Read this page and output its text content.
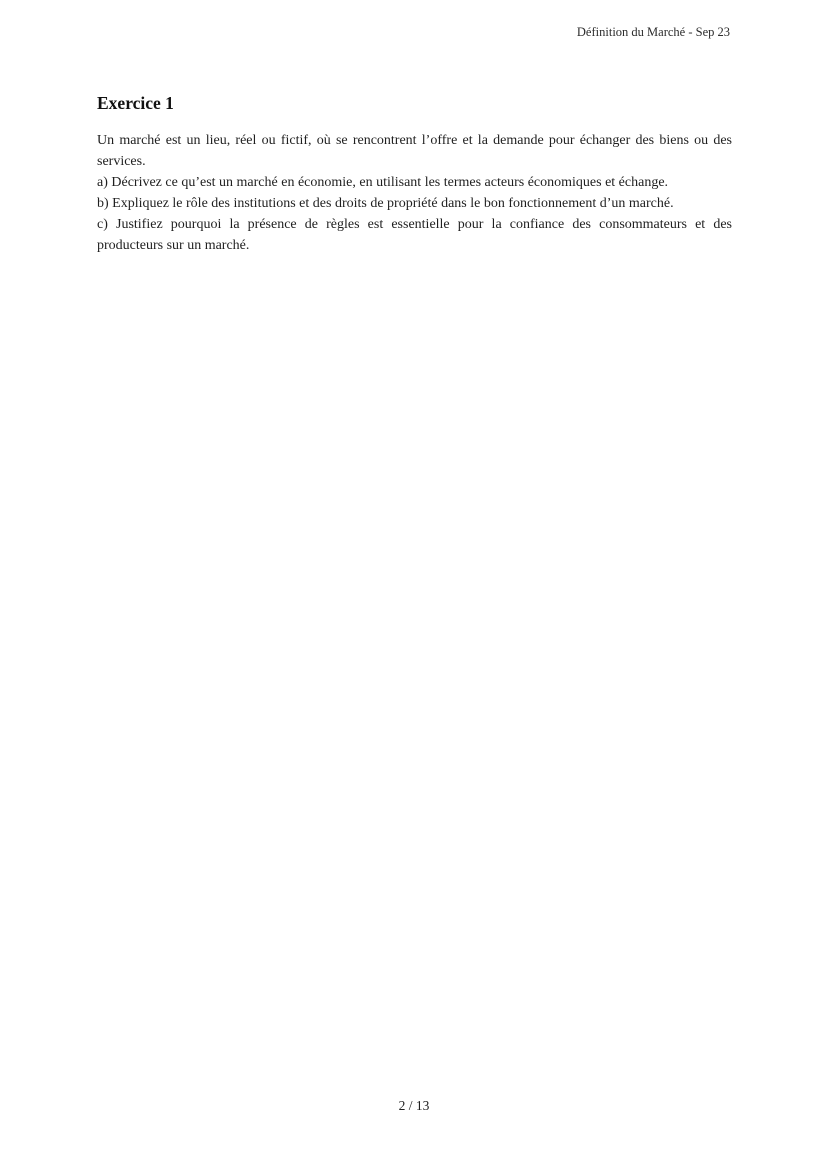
Définition du Marché - Sep 23
Exercice 1

Un marché est un lieu, réel ou fictif, où se rencontrent l’offre et la demande pour échanger des biens ou des services.

a) Décrivez ce qu’est un marché en économie, en utilisant les termes acteurs économiques et échange.

b) Expliquez le rôle des institutions et des droits de propriété dans le bon fonctionnement d’un marché.

c) Justifiez pourquoi la présence de règles est essentielle pour la confiance des consommateurs et des producteurs sur un marché.

2 / 13
